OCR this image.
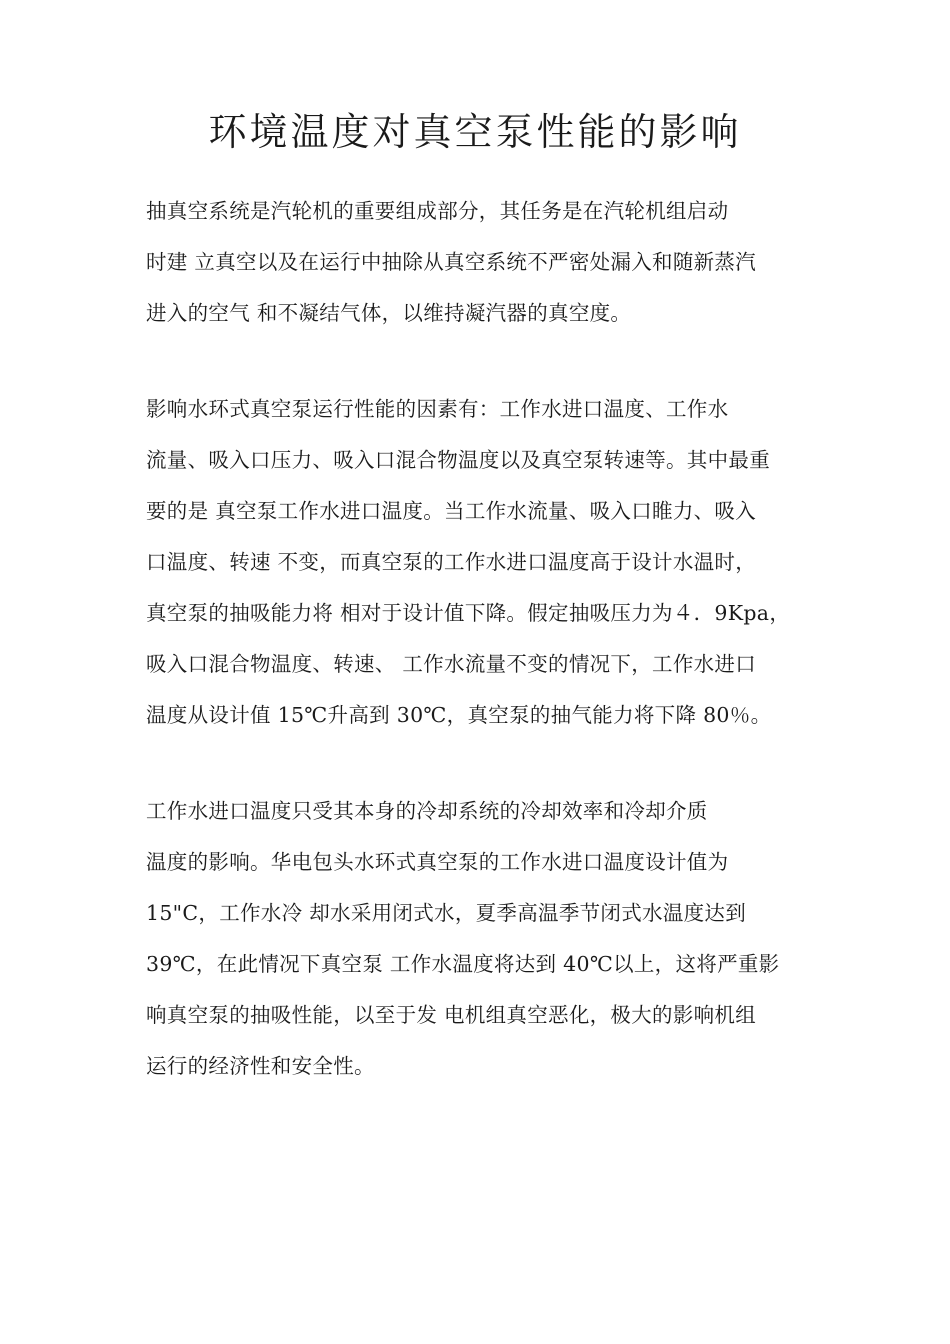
环境温度对真空泵性能的影响
抽真空系统是汽轮机的重要组成部分，其任务是在汽轮机组启动
时建 立真空以及在运行中抽除从真空系统不严密处漏入和随新蒸汽
进入的空气 和不凝结气体，以维持凝汽器的真空度。
影响水环式真空泵运行性能的因素有：工作水进口温度、工作水
流量、吸入口压力、吸入口混合物温度以及真空泵转速等。其中最重
要的是 真空泵工作水进口温度。当工作水流量、吸入口睢力、吸入
口温度、转速 不变，而真空泵的工作水进口温度高于设计水温时，
真空泵的抽吸能力将 相对于设计值下降。假定抽吸压力为４．9Kpa，
吸入口混合物温度、转速、 工作水流量不变的情况下，工作水进口
温度从设计值 15℃升高到 30℃，真空泵的抽气能力将下降 80％。
工作水进口温度只受其本身的冷却系统的冷却效率和冷却介质
温度的影响。华电包头水环式真空泵的工作水进口温度设计值为
15"C，工作水冷 却水采用闭式水，夏季高温季节闭式水温度达到
39℃，在此情况下真空泵 工作水温度将达到 40℃以上，这将严重影
响真空泵的抽吸性能，以至于发 电机组真空恶化，极大的影响机组
运行的经济性和安全性。
